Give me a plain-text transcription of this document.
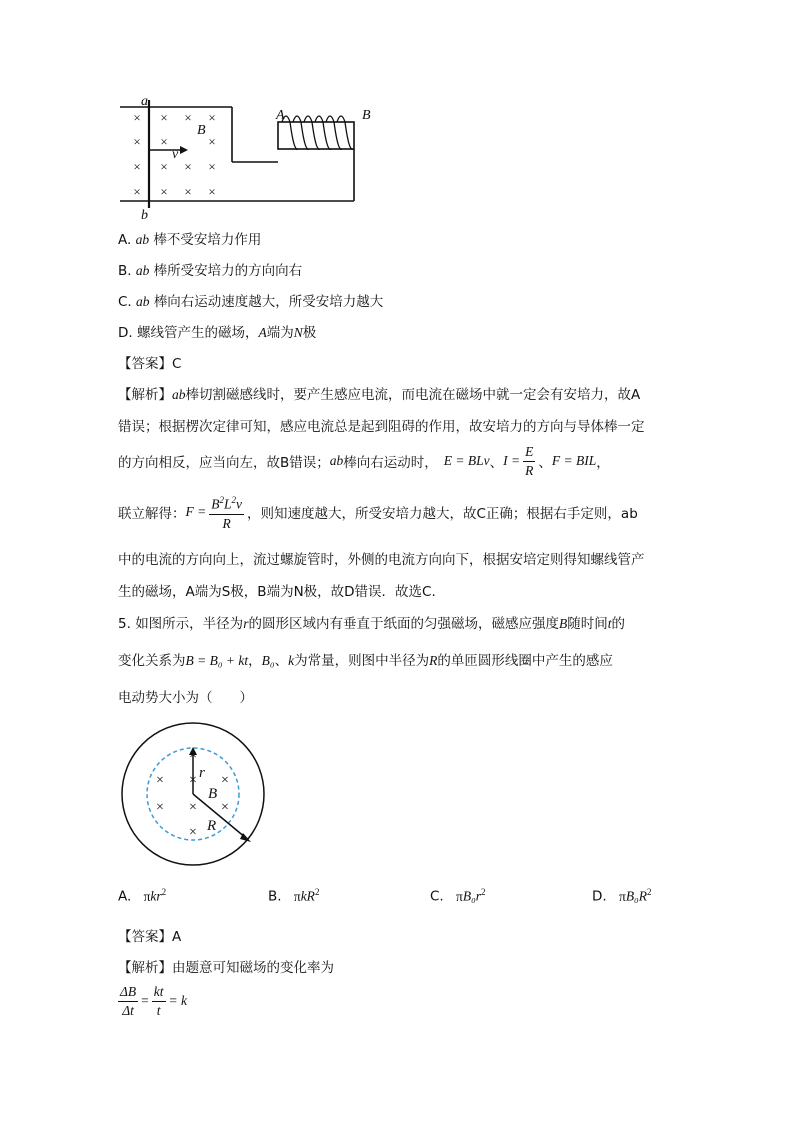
× × × ×
× ×	×
× × × ×
× × × ×
a
b
B
v
A	B
A. ab 棒不受安培力作用
B. ab 棒所受安培力的方向向右
C. ab 棒向右运动速度越大，所受安培力越大
D. 螺线管产生的磁场，A端为N极
【答案】C
【解析】ab棒切割磁感线时，要产生感应电流，而电流在磁场中就一定会有安培力，故A
错误；根据楞次定律可知，感应电流总是起到阻碍的作用，故安培力的方向与导体棒一定
的方向相反，应当向左，故B错误； ab 棒向右运动时， E = BLv 、 $I = \frac{E}{R}$ 、 F = BIL ，
联立解得： $F = \frac{B^2L^2v}{R}$ ，则知速度越大，所受安培力越大，故C正确；根据右手定则，ab
中的电流的方向向上，流过螺旋管时，外侧的电流方向向下，根据安培定则得知螺线管产
生的磁场，A端为S极，B端为N极，故D错误．故选C.
5. 如图所示，半径为r的圆形区域内有垂直于纸面的匀强磁场，磁感应强度B随时间t的
变化关系为B = B₀ + kt，B₀、k为常量，则图中半径为R的单匝圆形线圈中产生的感应
电动势大小为（　　）
×
× ×
×
× × ×
×
r
B
R
A. πkr$^2$	B. πkR$^2$	C. $\pi B_0r^2$	D. $\pi B_0R^2$
【答案】A
【解析】由题意可知磁场的变化率为
$\frac{\Delta B}{\Delta t} = \frac{kt}{t} = k$
